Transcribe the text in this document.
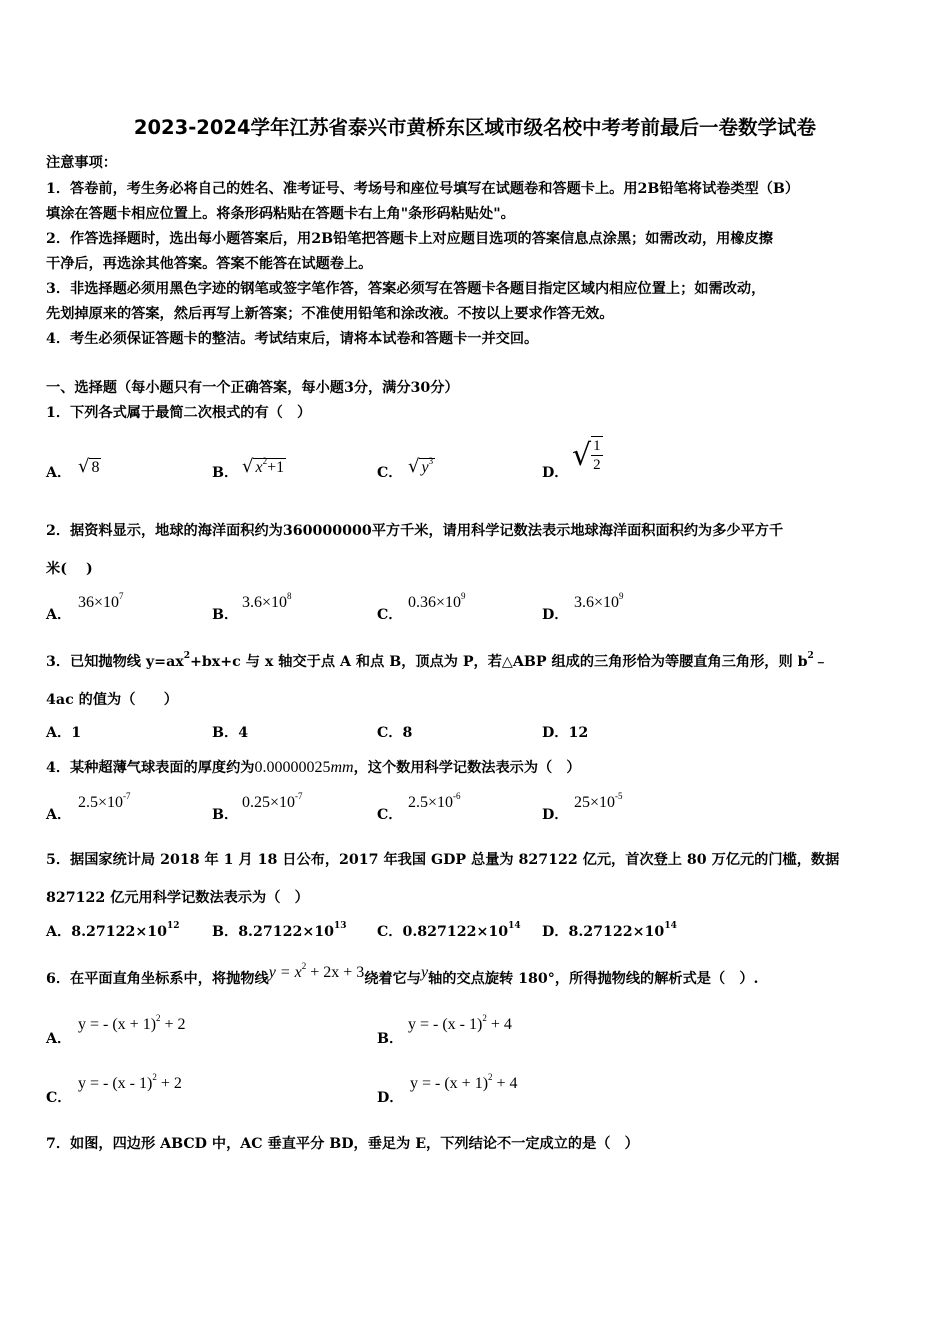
2023-2024学年江苏省泰兴市黄桥东区域市级名校中考考前最后一卷数学试卷
注意事项：
1．答卷前，考生务必将自己的姓名、准考证号、考场号和座位号填写在试题卷和答题卡上。用2B铅笔将试卷类型（B）
填涂在答题卡相应位置上。将条形码粘贴在答题卡右上角"条形码粘贴处"。
2．作答选择题时，选出每小题答案后，用2B铅笔把答题卡上对应题目选项的答案信息点涂黑；如需改动，用橡皮擦
干净后，再选涂其他答案。答案不能答在试题卷上。
3．非选择题必须用黑色字迹的钢笔或签字笔作答，答案必须写在答题卡各题目指定区域内相应位置上；如需改动，
先划掉原来的答案，然后再写上新答案；不准使用铅笔和涂改液。不按以上要求作答无效。
4．考生必须保证答题卡的整洁。考试结束后，请将本试卷和答题卡一并交回。
一、选择题（每小题只有一个正确答案，每小题3分，满分30分）
1．下列各式属于最简二次根式的有（　）
A． √ 8	B． √ $x^2+1$	C． √ $y^3$
D．
√ $\frac{1}{2}$
2．据资料显示，地球的海洋面积约为360000000平方千米，请用科学记数法表示地球海洋面积面积约为多少平方千
米(　 )
A．
$36\times 10^7$
B．
$3.6\times 10^8$
C．
$0.36\times 10^9$
D．
$3.6\times 10^9$
3．已知抛物线 $y=ax^2+bx+c$ 与 x 轴交于点 A 和点 B，顶点为 P，若△ABP 组成的三角形恰为等腰直角三角形，则 $b^2﹣$
4ac 的值为（　　）
A．1	B．4	C．8	D．12
4．某种超薄气球表面的厚度约为0.00000025mm，这个数用科学记数法表示为（　）
A．
$2.5\times 10^{-7}$
B．
$0.25\times 10^{-7}$
C．
$2.5\times 10^{-6}$
D．
$25\times 10^{-5}$
5．据国家统计局 2018 年 1 月 18 日公布，2017 年我国 GDP 总量为 827122 亿元，首次登上 80 万亿元的门槛，数据
827122 亿元用科学记数法表示为（　）
A．$8.27122\times 10^{12}$ B．$8.27122\times 10^{13}$ C．$0.827122\times 10^{14}$ D．$8.27122\times 10^{14}$
6．在平面直角坐标系中，将抛物线$y = x^2 + 2x + 3$绕着它与y轴的交点旋转 180°，所得抛物线的解析式是（　）.
A．
y = - $(x + 1)^2 + 2$
B．
y = - (x - 1)$^2$ + 4
C．
y = - (x - 1)$^2$ + 2
D．
y = - $(x + 1)^2 + 4$
7．如图，四边形 ABCD 中，AC 垂直平分 BD，垂足为 E，下列结论不一定成立的是（　）
